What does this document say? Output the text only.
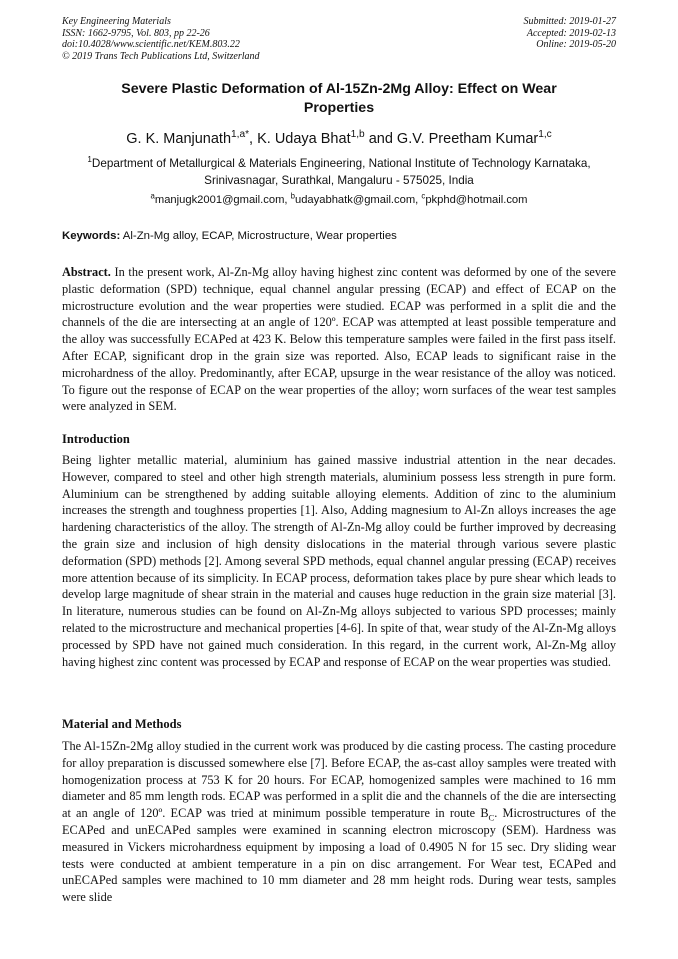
Key Engineering Materials
ISSN: 1662-9795, Vol. 803, pp 22-26
doi:10.4028/www.scientific.net/KEM.803.22
© 2019 Trans Tech Publications Ltd, Switzerland
Submitted: 2019-01-27
Accepted: 2019-02-13
Online: 2019-05-20
Severe Plastic Deformation of Al-15Zn-2Mg Alloy: Effect on Wear
Properties
G. K. Manjunath$^{1,a*}$, K. Udaya Bhat$^{1,b}$ and G.V. Preetham Kumar$^{1,c}$
$^1$Department of Metallurgical & Materials Engineering, National Institute of Technology Karnataka,
Srinivasnagar, Surathkal, Mangaluru - 575025, India
$^a$manjugk2001@gmail.com, $^b$udayabhatk@gmail.com, $^c$pkphd@hotmail.com
Keywords: Al-Zn-Mg alloy, ECAP, Microstructure, Wear properties
Abstract. In the present work, Al-Zn-Mg alloy having highest zinc content was deformed by one of the severe plastic deformation (SPD) technique, equal channel angular pressing (ECAP) and effect of ECAP on the microstructure evolution and the wear properties were studied. ECAP was performed in a split die and the channels of the die are intersecting at an angle of 120º. ECAP was attempted at least possible temperature and the alloy was successfully ECAPed at 423 K. Below this temperature samples were failed in the first pass itself. After ECAP, significant drop in the grain size was reported. Also, ECAP leads to significant raise in the microhardness of the alloy. Predominantly, after ECAP, upsurge in the wear resistance of the alloy was noticed. To figure out the response of ECAP on the wear properties of the alloy; worn surfaces of the wear test samples were analyzed in SEM.
Introduction
Being lighter metallic material, aluminium has gained massive industrial attention in the near decades. However, compared to steel and other high strength materials, aluminium possess less strength in pure form. Aluminium can be strengthened by adding suitable alloying elements. Addition of zinc to the aluminium increases the strength and toughness properties [1]. Also, Adding magnesium to Al-Zn alloys increases the age hardening characteristics of the alloy. The strength of Al-Zn-Mg alloy could be further improved by decreasing the grain size and inclusion of high density dislocations in the material through various severe plastic deformation (SPD) methods [2]. Among several SPD methods, equal channel angular pressing (ECAP) receives more attention because of its simplicity. In ECAP process, deformation takes place by pure shear which leads to develop large magnitude of shear strain in the material and causes huge reduction in the grain size material [3]. In literature, numerous studies can be found on Al-Zn-Mg alloys subjected to various SPD processes; mainly related to the microstructure and mechanical properties [4-6]. In spite of that, wear study of the Al-Zn-Mg alloys processed by SPD have not gained much consideration. In this regard, in the current work, Al-Zn-Mg alloy having highest zinc content was processed by ECAP and response of ECAP on the wear properties was studied.
Material and Methods
The Al-15Zn-2Mg alloy studied in the current work was produced by die casting process. The casting procedure for alloy preparation is discussed somewhere else [7]. Before ECAP, the as-cast alloy samples were treated with homogenization process at 753 K for 20 hours. For ECAP, homogenized samples were machined to 16 mm diameter and 85 mm length rods. ECAP was performed in a split die and the channels of the die are intersecting at an angle of 120º. ECAP was tried at minimum possible temperature in route $B_C$. Microstructures of the ECAPed and unECAPed samples were examined in scanning electron microscopy (SEM). Hardness was measured in Vickers microhardness equipment by imposing a load of 0.4905 N for 15 sec. Dry sliding wear tests were conducted at ambient temperature in a pin on disc arrangement. For Wear test, ECAPed and unECAPed samples were machined to 10 mm diameter and 28 mm height rods. During wear tests, samples were slide
